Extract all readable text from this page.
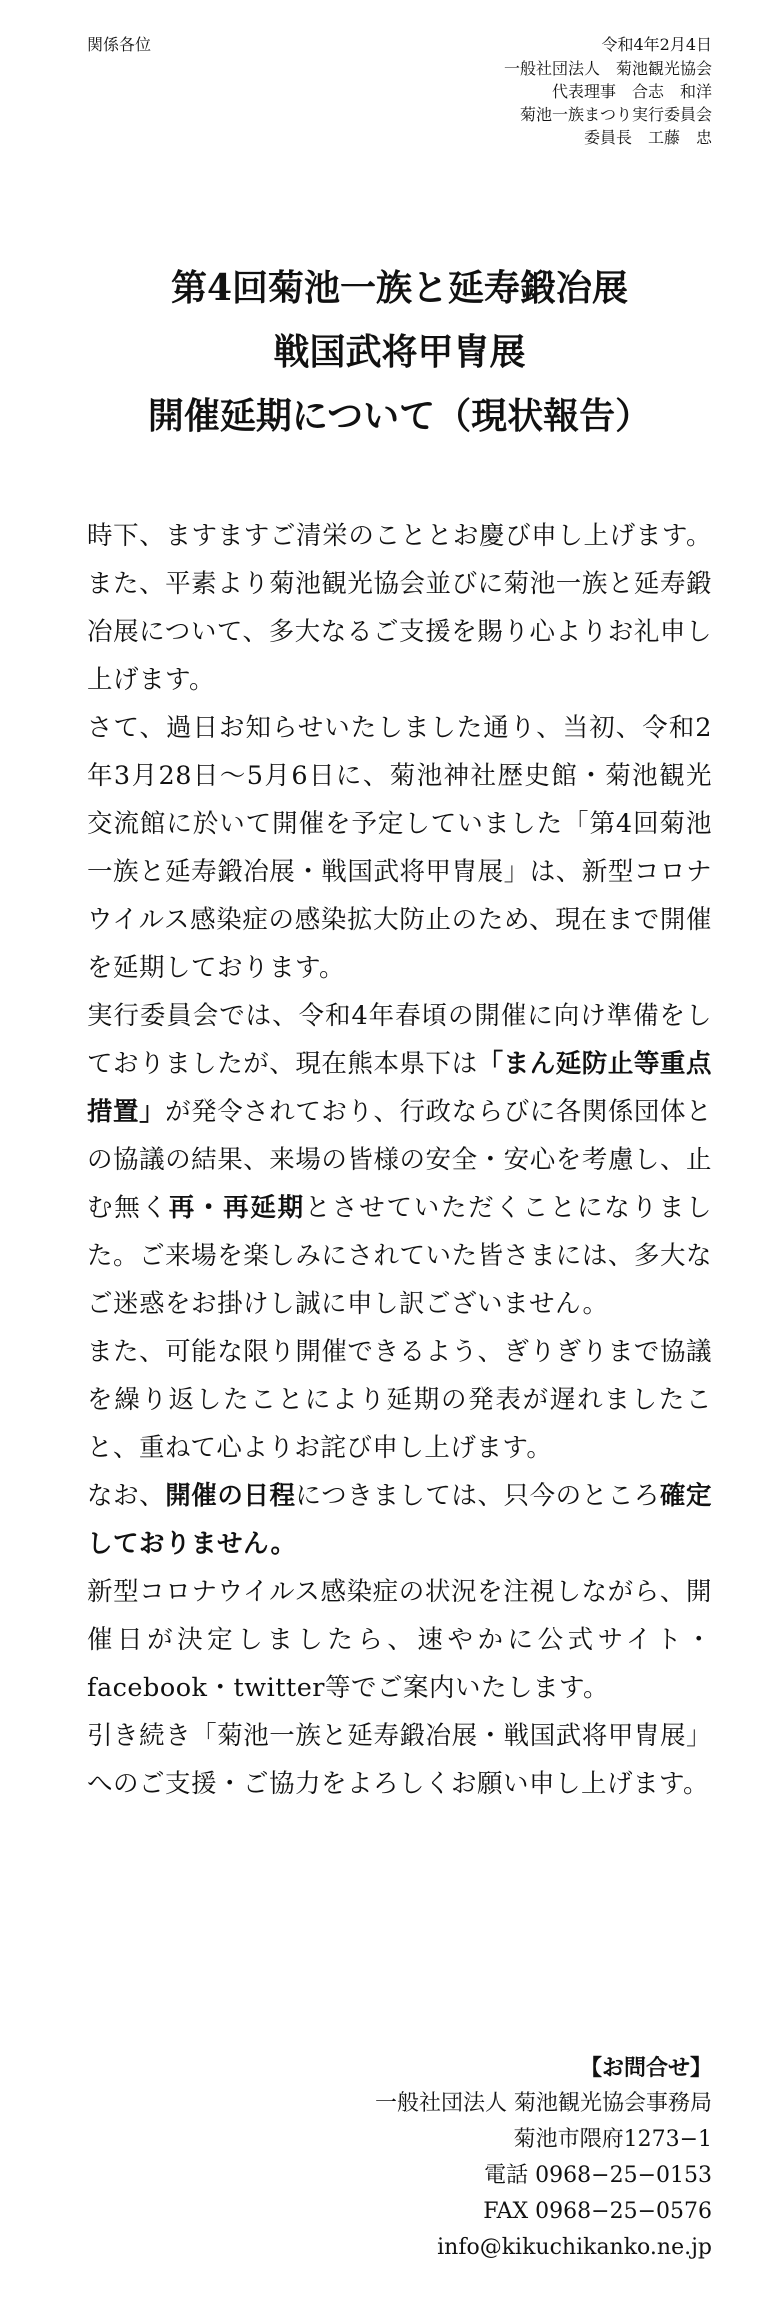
関係各位	令和4年2月4日
一般社団法人　菊池観光協会
代表理事　合志　和洋
菊池一族まつり実行委員会
委員長　工藤　忠
第4回菊池一族と延寿鍛冶展
戦国武将甲冑展
開催延期について（現状報告）

時下、ますますご清栄のこととお慶び申し上げます。また、平素より菊池観光協会並びに菊池一族と延寿鍛冶展について、多大なるご支援を賜り心よりお礼申し上げます。

さて、過日お知らせいたしました通り、当初、令和2年3月28日～5月6日に、菊池神社歴史館・菊池観光交流館に於いて開催を予定していました「第4回菊池一族と延寿鍛冶展・戦国武将甲冑展」は、新型コロナウイルス感染症の感染拡大防止のため、現在まで開催を延期しております。

実行委員会では、令和4年春頃の開催に向け準備をしておりましたが、現在熊本県下は「まん延防止等重点措置」が発令されており、行政ならびに各関係団体との協議の結果、来場の皆様の安全・安心を考慮し、止む無く再・再延期とさせていただくことになりました。ご来場を楽しみにされていた皆さまには、多大なご迷惑をお掛けし誠に申し訳ございません。

また、可能な限り開催できるよう、ぎりぎりまで協議を繰り返したことにより延期の発表が遅れましたこと、重ねて心よりお詫び申し上げます。

なお、開催の日程につきましては、只今のところ確定しておりません。

新型コロナウイルス感染症の状況を注視しながら、開催日が決定しましたら、速やかに公式サイト・facebook・twitter等でご案内いたします。

引き続き「菊池一族と延寿鍛冶展・戦国武将甲冑展」へのご支援・ご協力をよろしくお願い申し上げます。

【お問合せ】
一般社団法人 菊池観光協会事務局
菊池市隈府1273−1
電話 0968−25−0153
FAX 0968−25−0576
info@kikuchikanko.ne.jp
